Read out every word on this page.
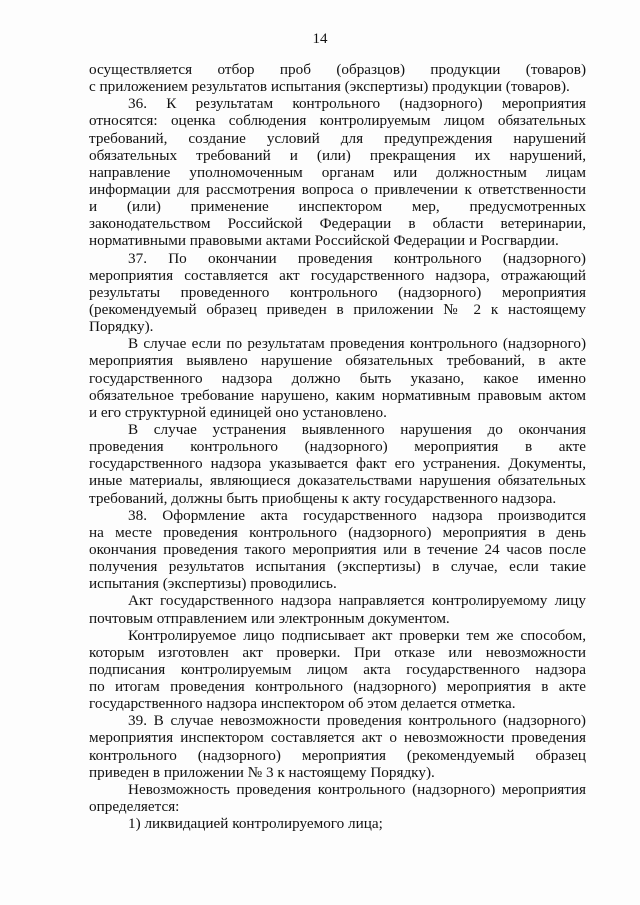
14
осуществляется отбор проб (образцов) продукции (товаров)
с приложением результатов испытания (экспертизы) продукции (товаров).
36. К результатам контрольного (надзорного) мероприятия
относятся: оценка соблюдения контролируемым лицом обязательных
требований, создание условий для предупреждения нарушений
обязательных требований и (или) прекращения их нарушений,
направление уполномоченным органам или должностным лицам
информации для рассмотрения вопроса о привлечении к ответственности
и (или) применение инспектором мер, предусмотренных
законодательством Российской Федерации в области ветеринарии,
нормативными правовыми актами Российской Федерации и Росгвардии.
37. По окончании проведения контрольного (надзорного)
мероприятия составляется акт государственного надзора, отражающий
результаты проведенного контрольного (надзорного) мероприятия
(рекомендуемый образец приведен в приложении № 2 к настоящему
Порядку).
В случае если по результатам проведения контрольного (надзорного)
мероприятия выявлено нарушение обязательных требований, в акте
государственного надзора должно быть указано, какое именно
обязательное требование нарушено, каким нормативным правовым актом
и его структурной единицей оно установлено.
В случае устранения выявленного нарушения до окончания
проведения контрольного (надзорного) мероприятия в акте
государственного надзора указывается факт его устранения. Документы,
иные материалы, являющиеся доказательствами нарушения обязательных
требований, должны быть приобщены к акту государственного надзора.
38. Оформление акта государственного надзора производится
на месте проведения контрольного (надзорного) мероприятия в день
окончания проведения такого мероприятия или в течение 24 часов после
получения результатов испытания (экспертизы) в случае, если такие
испытания (экспертизы) проводились.
Акт государственного надзора направляется контролируемому лицу
почтовым отправлением или электронным документом.
Контролируемое лицо подписывает акт проверки тем же способом,
которым изготовлен акт проверки. При отказе или невозможности
подписания контролируемым лицом акта государственного надзора
по итогам проведения контрольного (надзорного) мероприятия в акте
государственного надзора инспектором об этом делается отметка.
39. В случае невозможности проведения контрольного (надзорного)
мероприятия инспектором составляется акт о невозможности проведения
контрольного (надзорного) мероприятия (рекомендуемый образец
приведен в приложении № 3 к настоящему Порядку).
Невозможность проведения контрольного (надзорного) мероприятия
определяется:
1) ликвидацией контролируемого лица;
